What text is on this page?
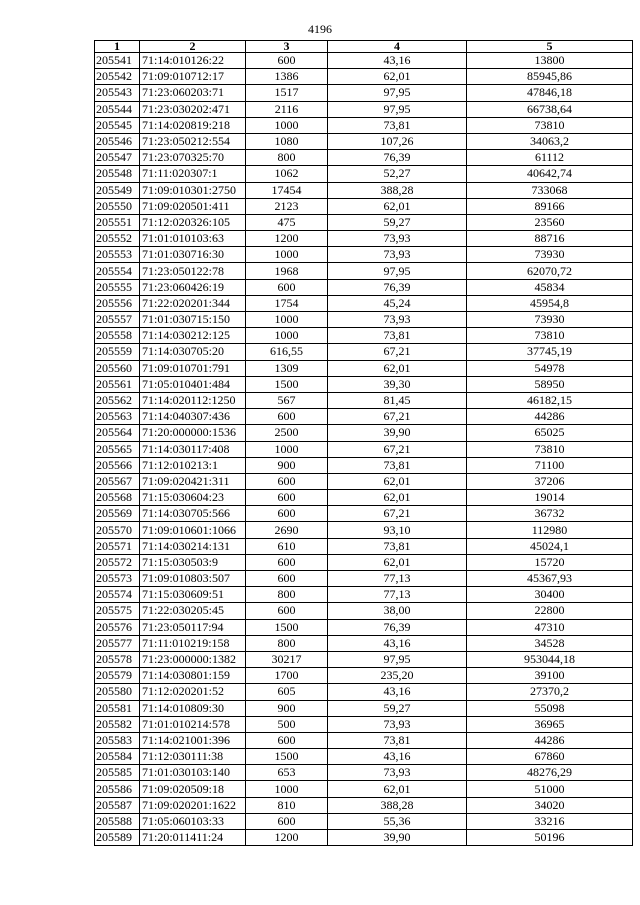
4196
1	2	3	4	5
205541	71:14:010126:22	600	43,16	13800
205542	71:09:010712:17	1386	62,01	85945,86
205543	71:23:060203:71	1517	97,95	47846,18
205544	71:23:030202:471	2116	97,95	66738,64
205545	71:14:020819:218	1000	73,81	73810
205546	71:23:050212:554	1080	107,26	34063,2
205547	71:23:070325:70	800	76,39	61112
205548	71:11:020307:1	1062	52,27	40642,74
205549	71:09:010301:2750	17454	388,28	733068
205550	71:09:020501:411	2123	62,01	89166
205551	71:12:020326:105	475	59,27	23560
205552	71:01:010103:63	1200	73,93	88716
205553	71:01:030716:30	1000	73,93	73930
205554	71:23:050122:78	1968	97,95	62070,72
205555	71:23:060426:19	600	76,39	45834
205556	71:22:020201:344	1754	45,24	45954,8
205557	71:01:030715:150	1000	73,93	73930
205558	71:14:030212:125	1000	73,81	73810
205559	71:14:030705:20	616,55	67,21	37745,19
205560	71:09:010701:791	1309	62,01	54978
205561	71:05:010401:484	1500	39,30	58950
205562	71:14:020112:1250	567	81,45	46182,15
205563	71:14:040307:436	600	67,21	44286
205564	71:20:000000:1536	2500	39,90	65025
205565	71:14:030117:408	1000	67,21	73810
205566	71:12:010213:1	900	73,81	71100
205567	71:09:020421:311	600	62,01	37206
205568	71:15:030604:23	600	62,01	19014
205569	71:14:030705:566	600	67,21	36732
205570	71:09:010601:1066	2690	93,10	112980
205571	71:14:030214:131	610	73,81	45024,1
205572	71:15:030503:9	600	62,01	15720
205573	71:09:010803:507	600	77,13	45367,93
205574	71:15:030609:51	800	77,13	30400
205575	71:22:030205:45	600	38,00	22800
205576	71:23:050117:94	1500	76,39	47310
205577	71:11:010219:158	800	43,16	34528
205578	71:23:000000:1382	30217	97,95	953044,18
205579	71:14:030801:159	1700	235,20	39100
205580	71:12:020201:52	605	43,16	27370,2
205581	71:14:010809:30	900	59,27	55098
205582	71:01:010214:578	500	73,93	36965
205583	71:14:021001:396	600	73,81	44286
205584	71:12:030111:38	1500	43,16	67860
205585	71:01:030103:140	653	73,93	48276,29
205586	71:09:020509:18	1000	62,01	51000
205587	71:09:020201:1622	810	388,28	34020
205588	71:05:060103:33	600	55,36	33216
205589	71:20:011411:24	1200	39,90	50196
